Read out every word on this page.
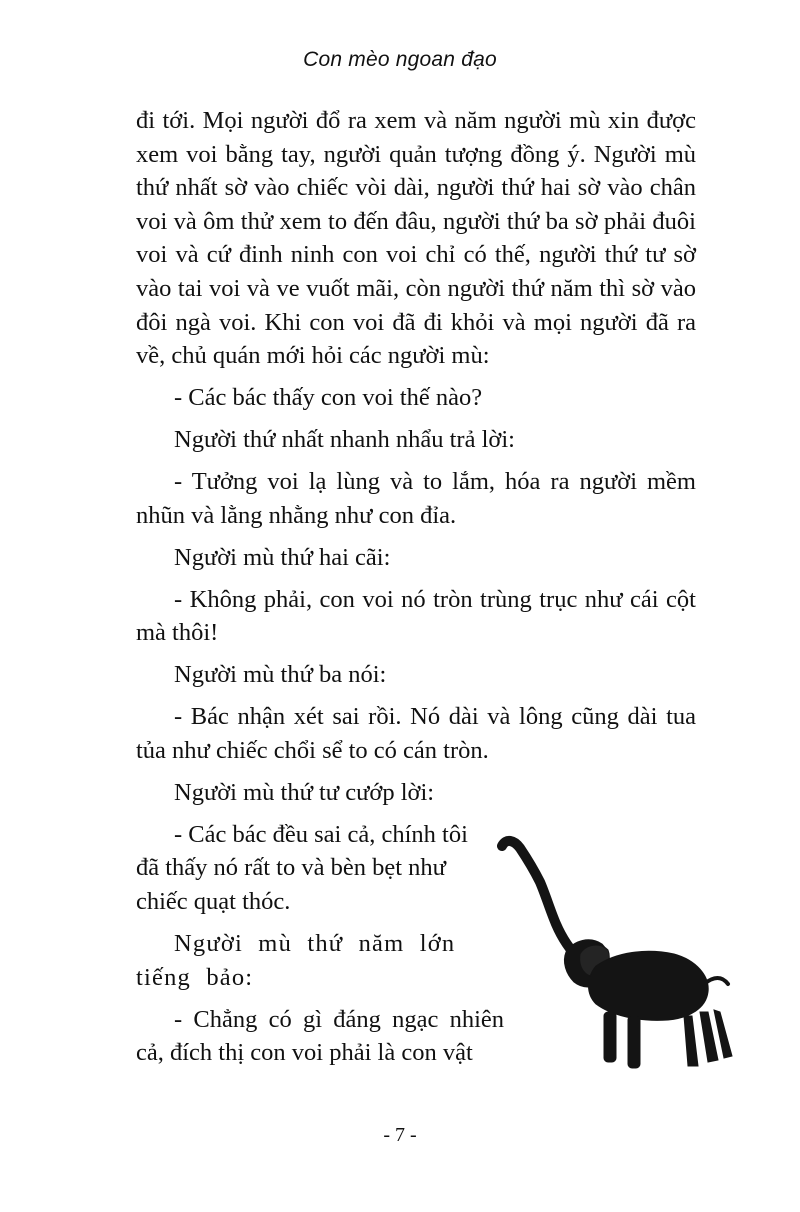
Con mèo ngoan đạo

đi tới. Mọi người đổ ra xem và năm người mù xin được xem voi bằng tay, người quản tượng đồng ý. Người mù thứ nhất sờ vào chiếc vòi dài, người thứ hai sờ vào chân voi và ôm thử xem to đến đâu, người thứ ba sờ phải đuôi voi và cứ đinh ninh con voi chỉ có thế, người thứ tư sờ vào tai voi và ve vuốt mãi, còn người thứ năm thì sờ vào đôi ngà voi. Khi con voi đã đi khỏi và mọi người đã ra về, chủ quán mới hỏi các người mù:

- Các bác thấy con voi thế nào?

Người thứ nhất nhanh nhẩu trả lời:

- Tưởng voi lạ lùng và to lắm, hóa ra người mềm nhũn và lằng nhằng như con đỉa.

Người mù thứ hai cãi:

- Không phải, con voi nó tròn trùng trục như cái cột mà thôi!

Người mù thứ ba nói:

- Bác nhận xét sai rồi. Nó dài và lông cũng dài tua tủa như chiếc chổi sể to có cán tròn.

Người mù thứ tư cướp lời:

- Các bác đều sai cả, chính tôi đã thấy nó rất to và bèn bẹt như chiếc quạt thóc.

Người mù thứ năm lớn tiếng bảo:

- Chẳng có gì đáng ngạc nhiên cả, đích thị con voi phải là con vật

- 7 -
